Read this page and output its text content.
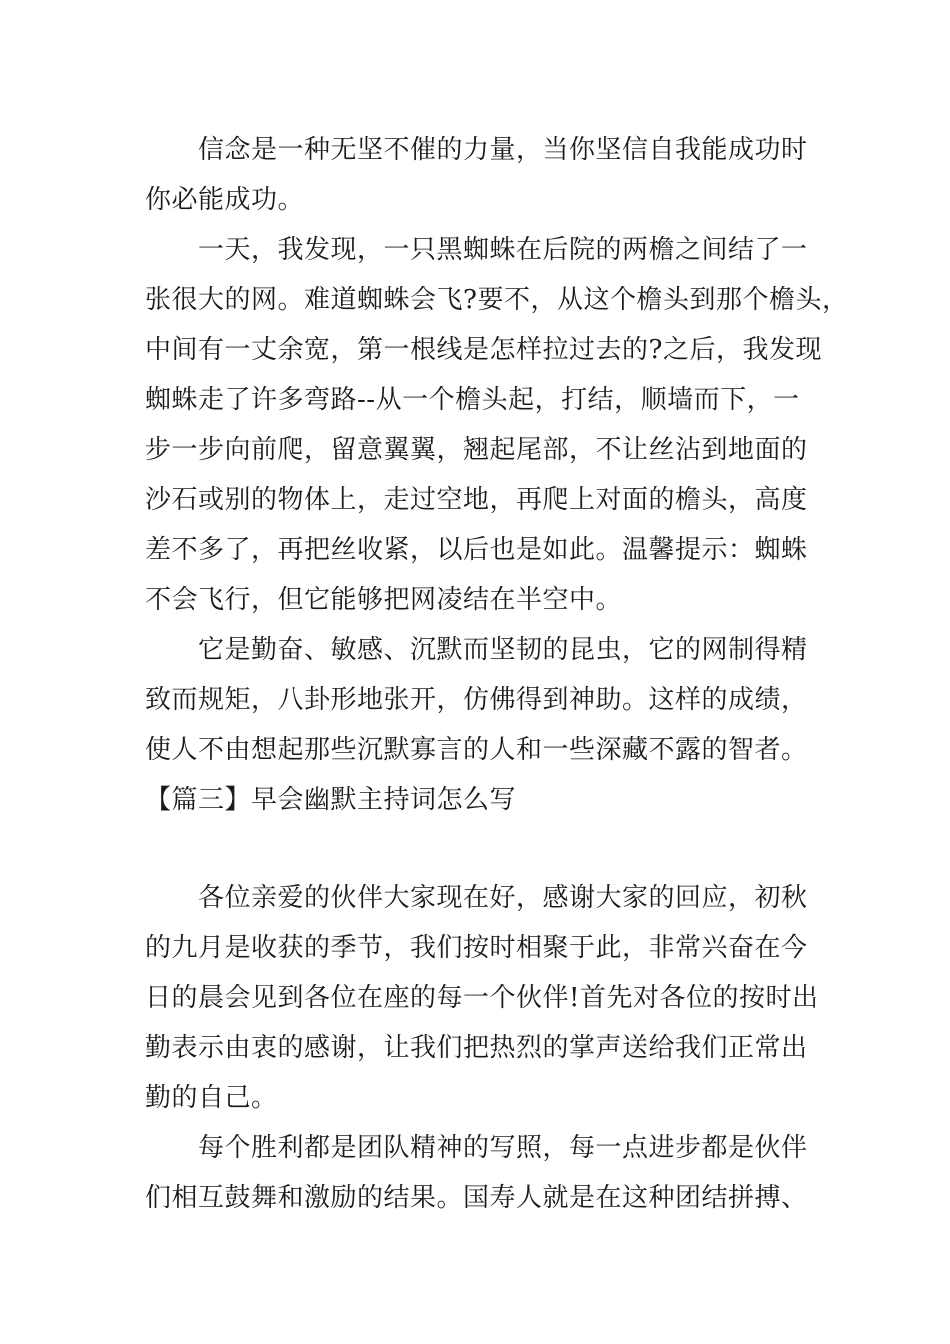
信念是一种无坚不催的力量，当你坚信自我能成功时
你必能成功。
一天，我发现，一只黑蜘蛛在后院的两檐之间结了一
张很大的网。难道蜘蛛会飞?要不，从这个檐头到那个檐头，
中间有一丈余宽，第一根线是怎样拉过去的?之后，我发现
蜘蛛走了许多弯路--从一个檐头起，打结，顺墙而下，一
步一步向前爬，留意翼翼，翘起尾部，不让丝沾到地面的
沙石或别的物体上，走过空地，再爬上对面的檐头，高度
差不多了，再把丝收紧，以后也是如此。温馨提示：蜘蛛
不会飞行，但它能够把网凌结在半空中。
它是勤奋、敏感、沉默而坚韧的昆虫，它的网制得精
致而规矩，八卦形地张开，仿佛得到神助。这样的成绩，
使人不由想起那些沉默寡言的人和一些深藏不露的智者。
【篇三】早会幽默主持词怎么写
各位亲爱的伙伴大家现在好，感谢大家的回应，初秋
的九月是收获的季节，我们按时相聚于此，非常兴奋在今
日的晨会见到各位在座的每一个伙伴!首先对各位的按时出
勤表示由衷的感谢，让我们把热烈的掌声送给我们正常出
勤的自己。
每个胜利都是团队精神的写照，每一点进步都是伙伴
们相互鼓舞和激励的结果。国寿人就是在这种团结拼搏、
